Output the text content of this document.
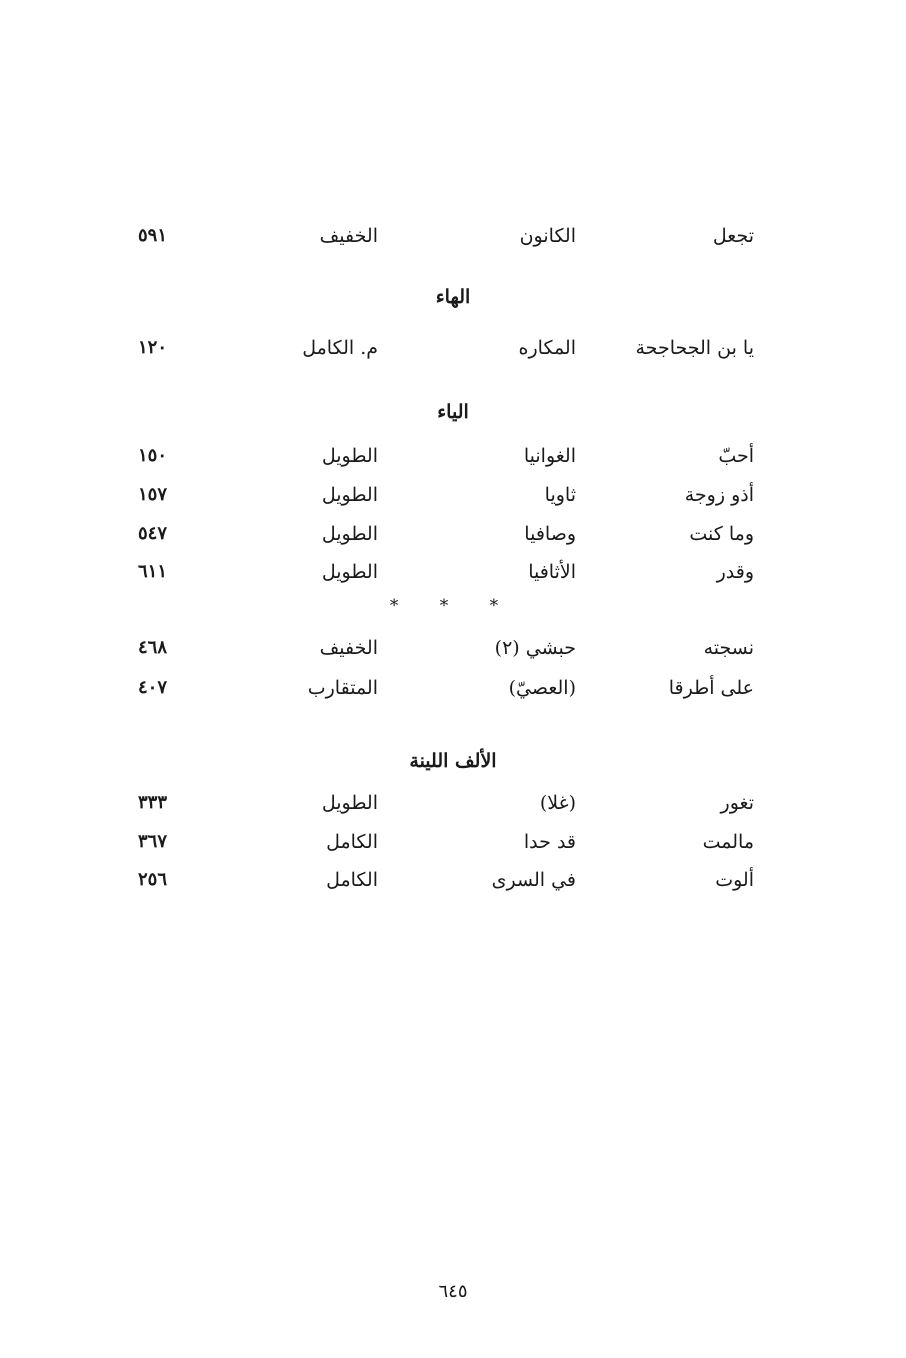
تجعل
الكانون
الخفيف
٥٩١
الهاء
يا بن الجحاجحة
المكاره
م. الكامل
١٢٠
الياء
أحبّ
الغوانيا
الطويل
١٥٠
أذو زوجة
ثاويا
الطويل
١٥٧
وما كنت
وصافيا
الطويل
٥٤٧
وقدر
الأثافيا
الطويل
٦١١
* * *
نسجته
حبشي (٢)
الخفيف
٤٦٨
على أطرقا
(العصيّ)
المتقارب
٤٠٧
الألف اللينة
تغور
(غلا)
الطويل
٣٣٣
مالمت
قد حدا
الكامل
٣٦٧
ألوت
في السرى
الكامل
٢٥٦
٦٤٥
